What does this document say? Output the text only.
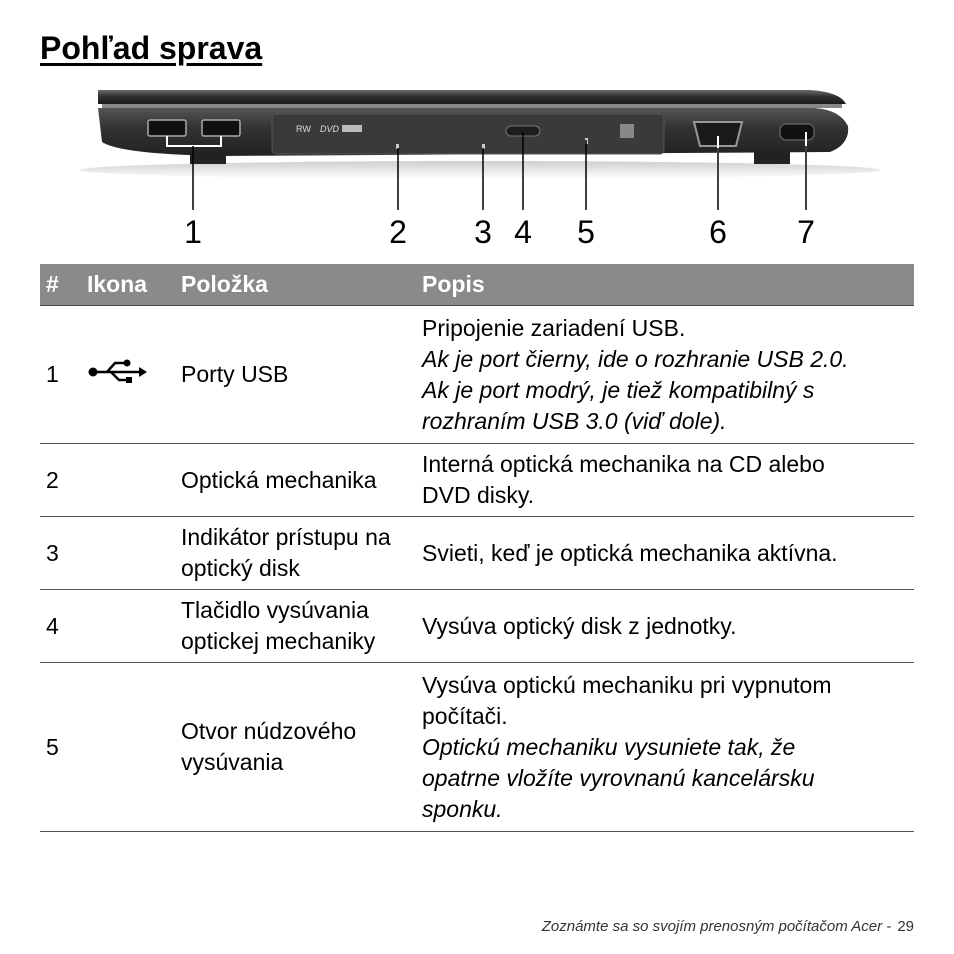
Pohľad sprava
RW DVD
1	2 3 4 5	6 7
#	Ikona	Položka	Popis
1		Porty USB	Pripojenie zariadení USB.
Ak je port čierny, ide o rozhranie USB 2.0.
Ak je port modrý, je tiež kompatibilný s
rozhraním USB 3.0 (viď dole).

2		Optická mechanika	Interná optická mechanika na CD alebo
DVD disky.

3		Indikátor prístupu na optický disk	Svieti, keď je optická mechanika aktívna.

4		Tlačidlo vysúvania optickej mechaniky	Vysúva optický disk z jednotky.

5		Otvor núdzového vysúvania	Vysúva optickú mechaniku pri vypnutom
počítači.
Optickú mechaniku vysuniete tak, že
opatrne vložíte vyrovnanú kancelársku
sponku.
Zoznámte sa so svojím prenosným počítačom Acer - 29
